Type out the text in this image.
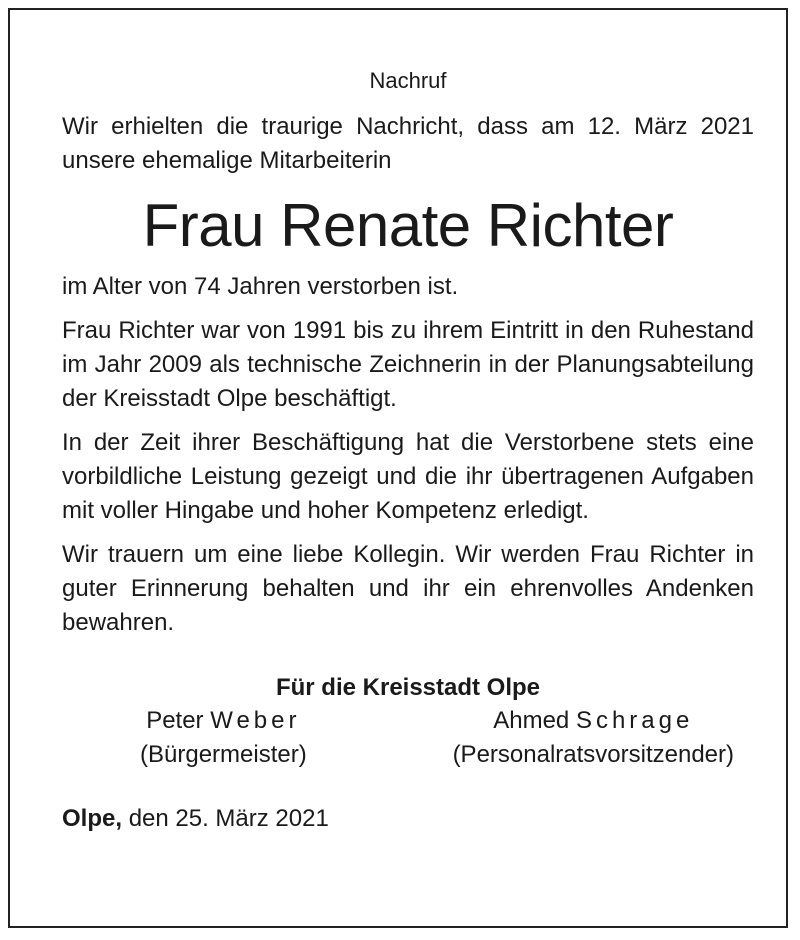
Nachruf

Wir erhielten die traurige Nachricht, dass am 12. März 2021 unsere ehemalige Mitarbeiterin

Frau Renate Richter

im Alter von 74 Jahren verstorben ist.

Frau Richter war von 1991 bis zu ihrem Eintritt in den Ruhestand im Jahr 2009 als technische Zeichnerin in der Planungsabteilung der Kreisstadt Olpe beschäftigt.

In der Zeit ihrer Beschäftigung hat die Verstorbene stets eine vorbildliche Leistung gezeigt und die ihr übertragenen Aufgaben mit voller Hingabe und hoher Kompetenz erledigt.

Wir trauern um eine liebe Kollegin. Wir werden Frau Richter in guter Erinnerung behalten und ihr ein ehrenvolles Andenken bewahren.

Für die Kreisstadt Olpe
Peter Weber
(Bürgermeister)
Ahmed Schrage
(Personalratsvorsitzender)
Olpe, den 25. März 2021
